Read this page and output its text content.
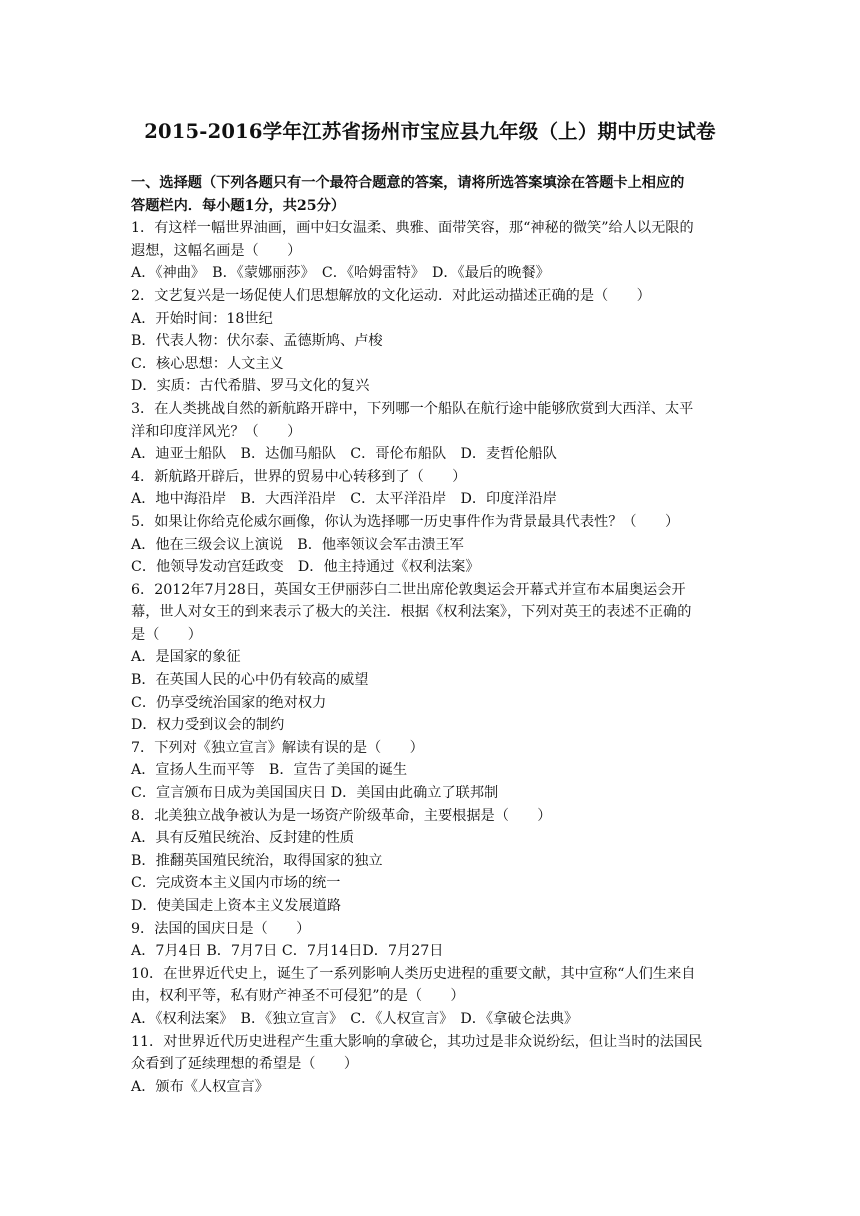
2015-2016学年江苏省扬州市宝应县九年级（上）期中历史试卷
一、选择题（下列各题只有一个最符合题意的答案，请将所选答案填涂在答题卡上相应的
答题栏内．每小题1分，共25分）
1．有这样一幅世界油画，画中妇女温柔、典雅、面带笑容，那“神秘的微笑”给人以无限的
遐想，这幅名画是（　　）
A．《神曲》　B．《蒙娜丽莎》　C．《哈姆雷特》　D．《最后的晚餐》
2．文艺复兴是一场促使人们思想解放的文化运动．对此运动描述正确的是（　　）
A．开始时间：18世纪
B．代表人物：伏尔泰、孟德斯鸠、卢梭
C．核心思想：人文主义
D．实质：古代希腊、罗马文化的复兴
3．在人类挑战自然的新航路开辟中，下列哪一个船队在航行途中能够欣赏到大西洋、太平
洋和印度洋风光？（　　）
A．迪亚士船队　B．达伽马船队　C．哥伦布船队　D．麦哲伦船队
4．新航路开辟后，世界的贸易中心转移到了（　　）
A．地中海沿岸　B．大西洋沿岸　C．太平洋沿岸　D．印度洋沿岸
5．如果让你给克伦威尔画像，你认为选择哪一历史事件作为背景最具代表性？（　　）
A．他在三级会议上演说　B．他率领议会军击溃王军
C．他领导发动宫廷政变　D．他主持通过《权利法案》
6．2012年7月28日，英国女王伊丽莎白二世出席伦敦奥运会开幕式并宣布本届奥运会开
幕，世人对女王的到来表示了极大的关注．根据《权利法案》，下列对英王的表述不正确的
是（　　）
A．是国家的象征
B．在英国人民的心中仍有较高的威望
C．仍享受统治国家的绝对权力
D．权力受到议会的制约
7．下列对《独立宣言》解读有误的是（　　）
A．宣扬人生而平等　B．宣告了美国的诞生
C．宣言颁布日成为美国国庆日 D．美国由此确立了联邦制
8．北美独立战争被认为是一场资产阶级革命，主要根据是（　　）
A．具有反殖民统治、反封建的性质
B．推翻英国殖民统治，取得国家的独立
C．完成资本主义国内市场的统一
D．使美国走上资本主义发展道路
9．法国的国庆日是（　　）
A．7月4日 B．7月7日 C．7月14日D．7月27日
10．在世界近代史上，诞生了一系列影响人类历史进程的重要文献，其中宣称“人们生来自
由，权利平等，私有财产神圣不可侵犯”的是（　　）
A．《权利法案》　B．《独立宣言》　C．《人权宣言》　D．《拿破仑法典》
11．对世界近代历史进程产生重大影响的拿破仑，其功过是非众说纷纭，但让当时的法国民
众看到了延续理想的希望是（　　）
A．颁布《人权宣言》
